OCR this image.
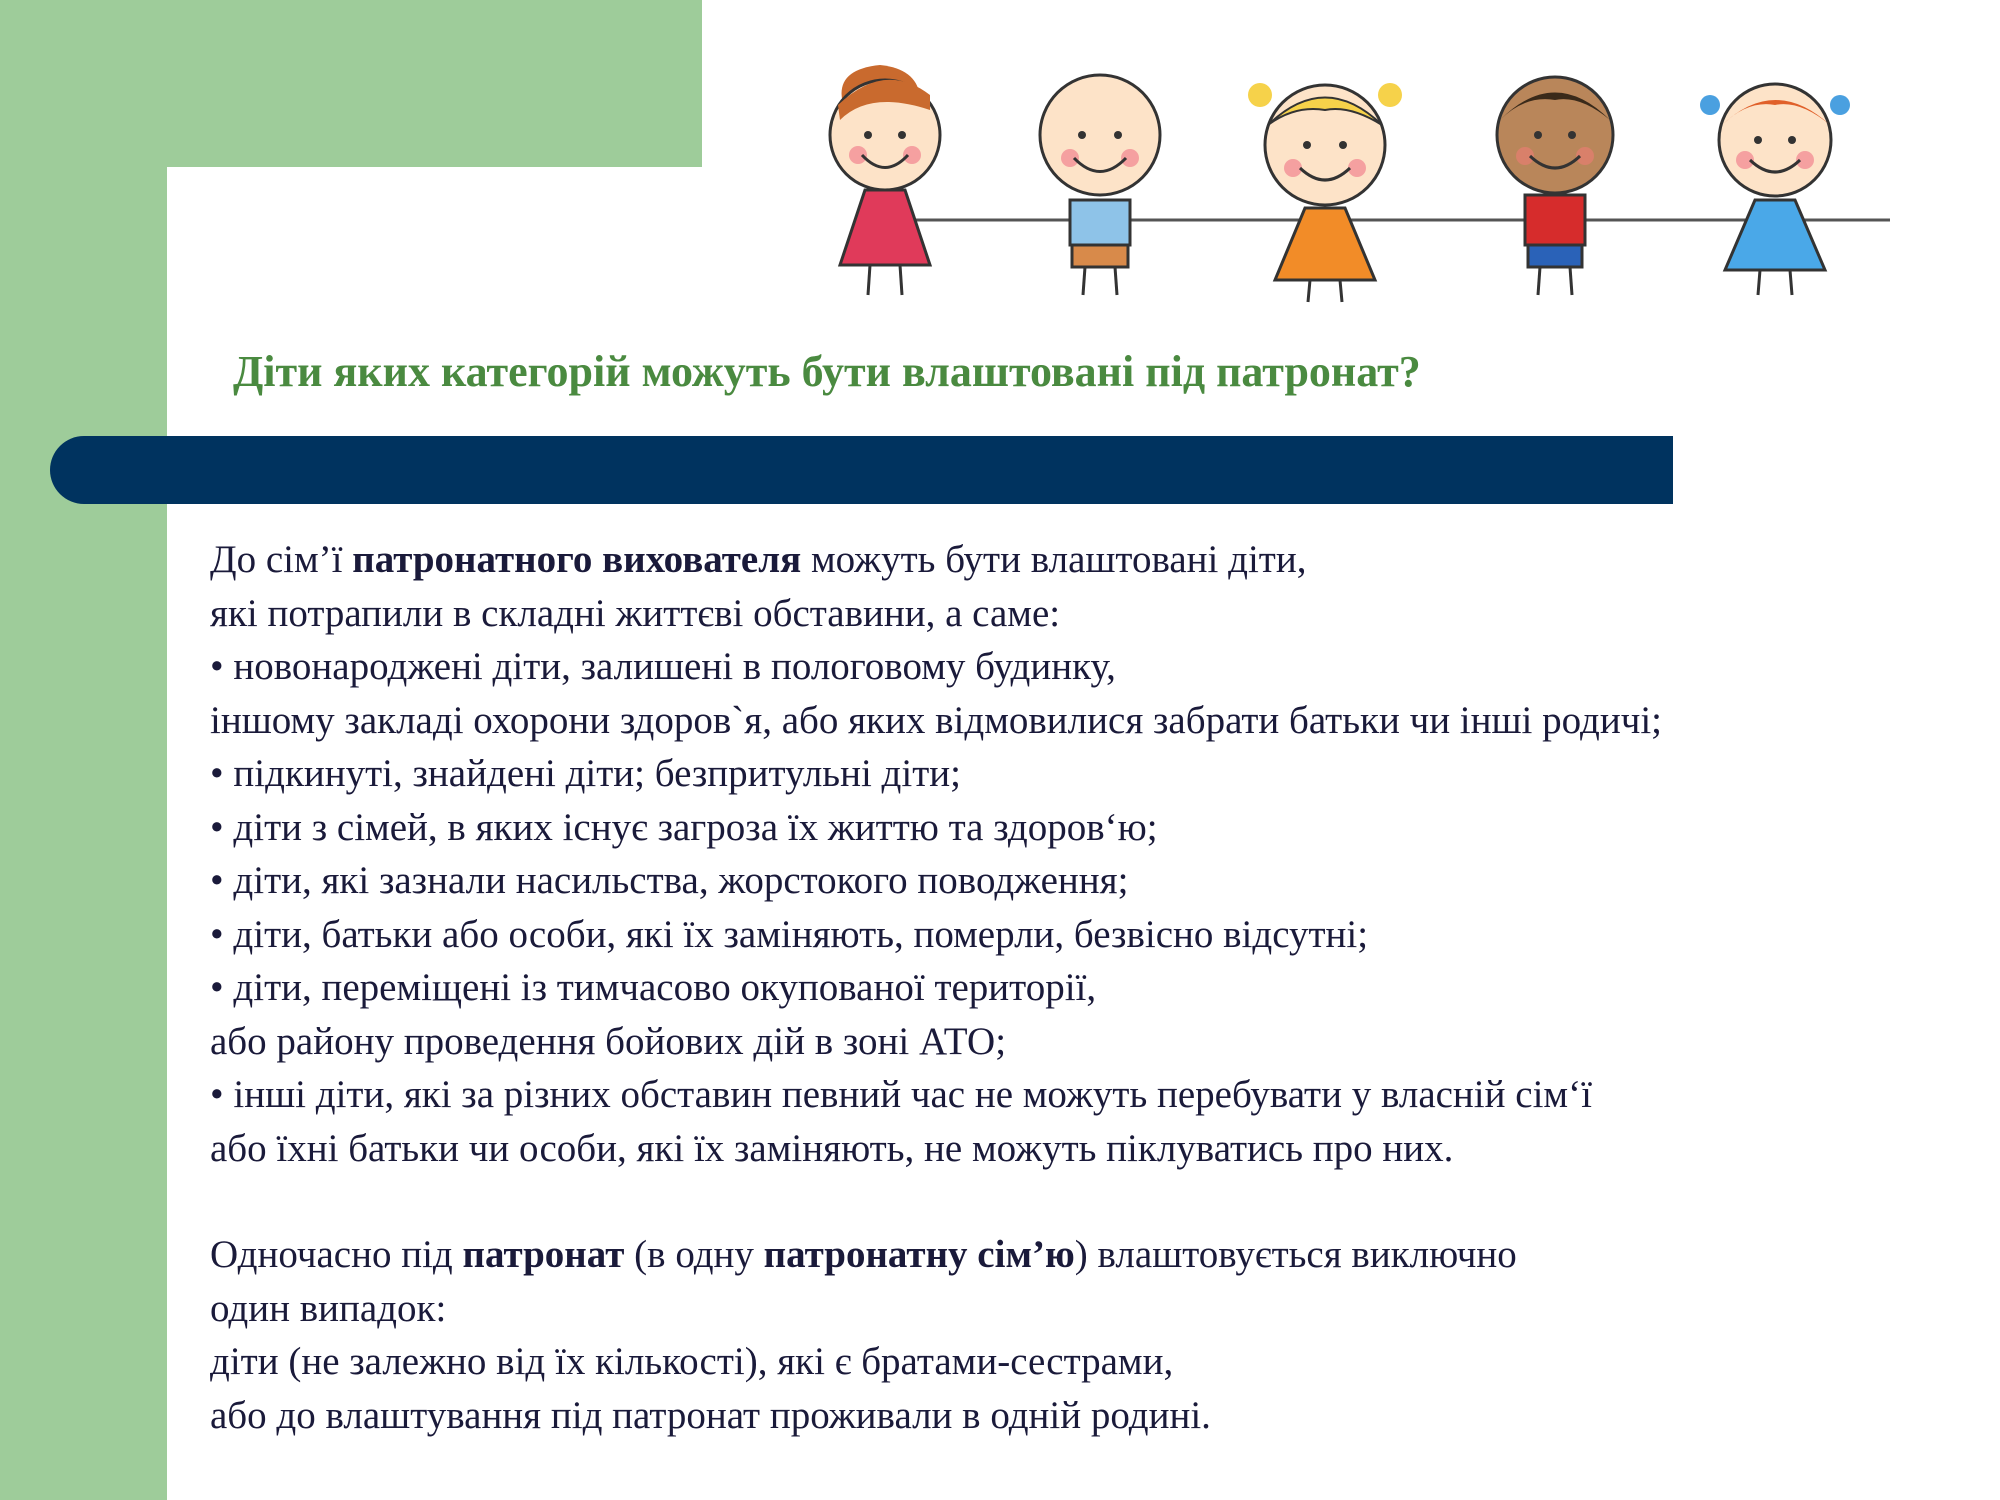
Діти яких категорій можуть бути влаштовані під патронат?

До сім’ї патронатного вихователя можуть бути влаштовані діти,

які потрапили в складні життєві обставини, а саме:

• новонароджені діти, залишені в пологовому будинку,

іншому закладі охорони здоров`я, або яких відмовилися забрати батьки чи інші родичі;

• підкинуті, знайдені діти; безпритульні діти;

• діти з сімей, в яких існує загроза їх життю та здоров‘ю;

• діти, які зазнали насильства, жорстокого поводження;

• діти, батьки або особи, які їх заміняють, померли, безвісно відсутні;

• діти, переміщені із тимчасово окупованої території,

або району проведення бойових дій в зоні АТО;

• інші діти, які за різних обставин певний час не можуть перебувати у власній сім‘ї

або їхні батьки чи особи, які їх заміняють, не можуть піклуватись про них.

Одночасно під патронат (в одну патронатну сім’ю) влаштовується виключно

один випадок:

діти (не залежно від їх кількості), які є братами-сестрами,

або до влаштування під патронат проживали в одній родині.
